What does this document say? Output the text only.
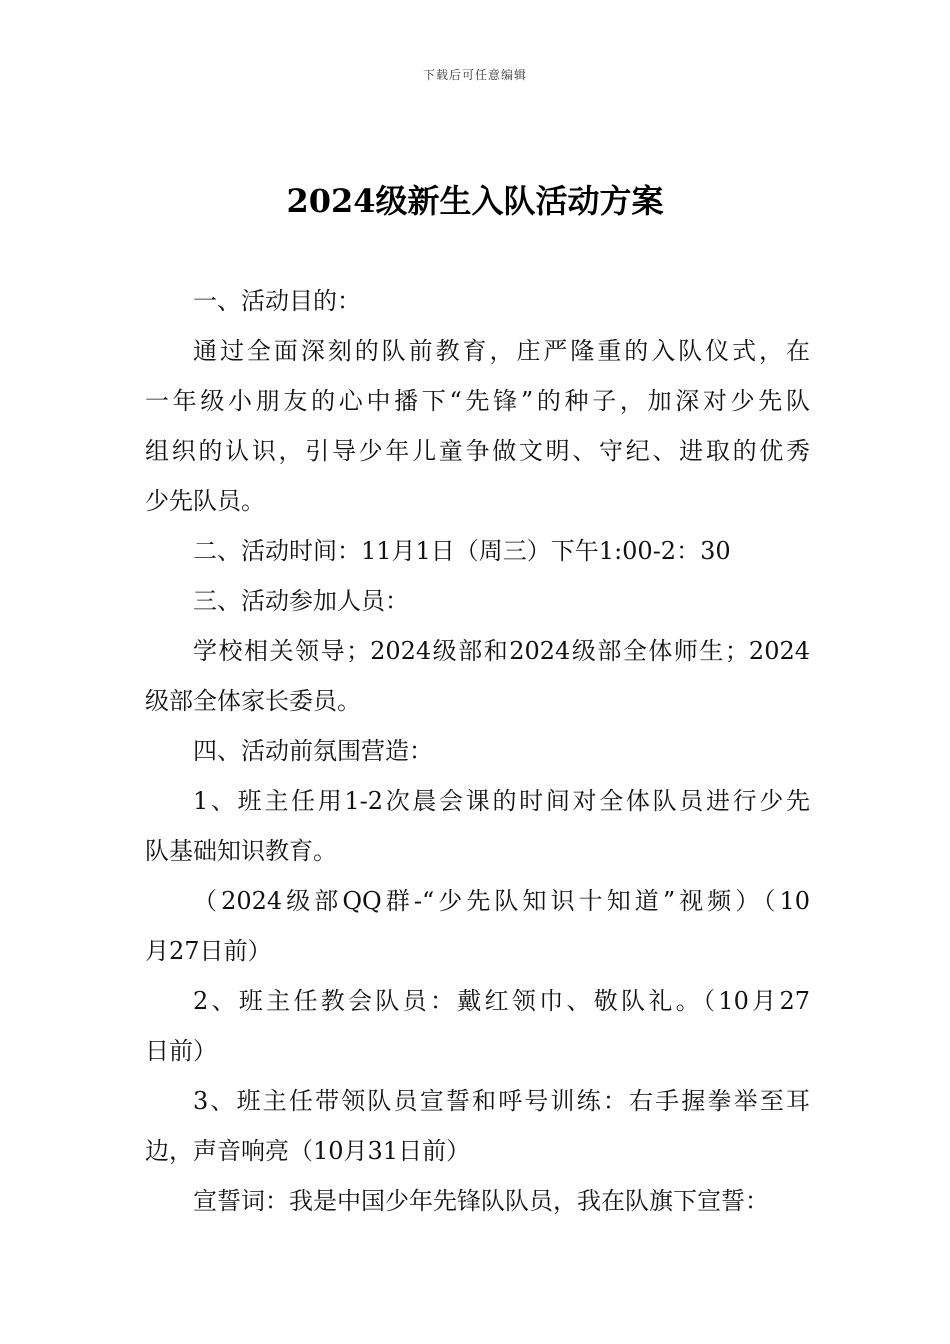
下载后可任意编辑
2024级新生入队活动方案

一、活动目的：

通过全面深刻的队前教育，庄严隆重的入队仪式，在
一年级小朋友的心中播下“先锋”的种子，加深对少先队
组织的认识，引导少年儿童争做文明、守纪、进取的优秀
少先队员。

二、活动时间：11月1日（周三）下午1:00-2：30

三、活动参加人员：

学校相关领导；2024级部和2024级部全体师生；2024
级部全体家长委员。

四、活动前氛围营造：

1、班主任用1-2次晨会课的时间对全体队员进行少先
队基础知识教育。

（2024级部QQ群-“少先队知识十知道”视频）（10
月27日前）

2、班主任教会队员：戴红领巾、敬队礼。（10月27
日前）

3、班主任带领队员宣誓和呼号训练：右手握拳举至耳
边，声音响亮（10月31日前）

宣誓词：我是中国少年先锋队队员，我在队旗下宣誓：
